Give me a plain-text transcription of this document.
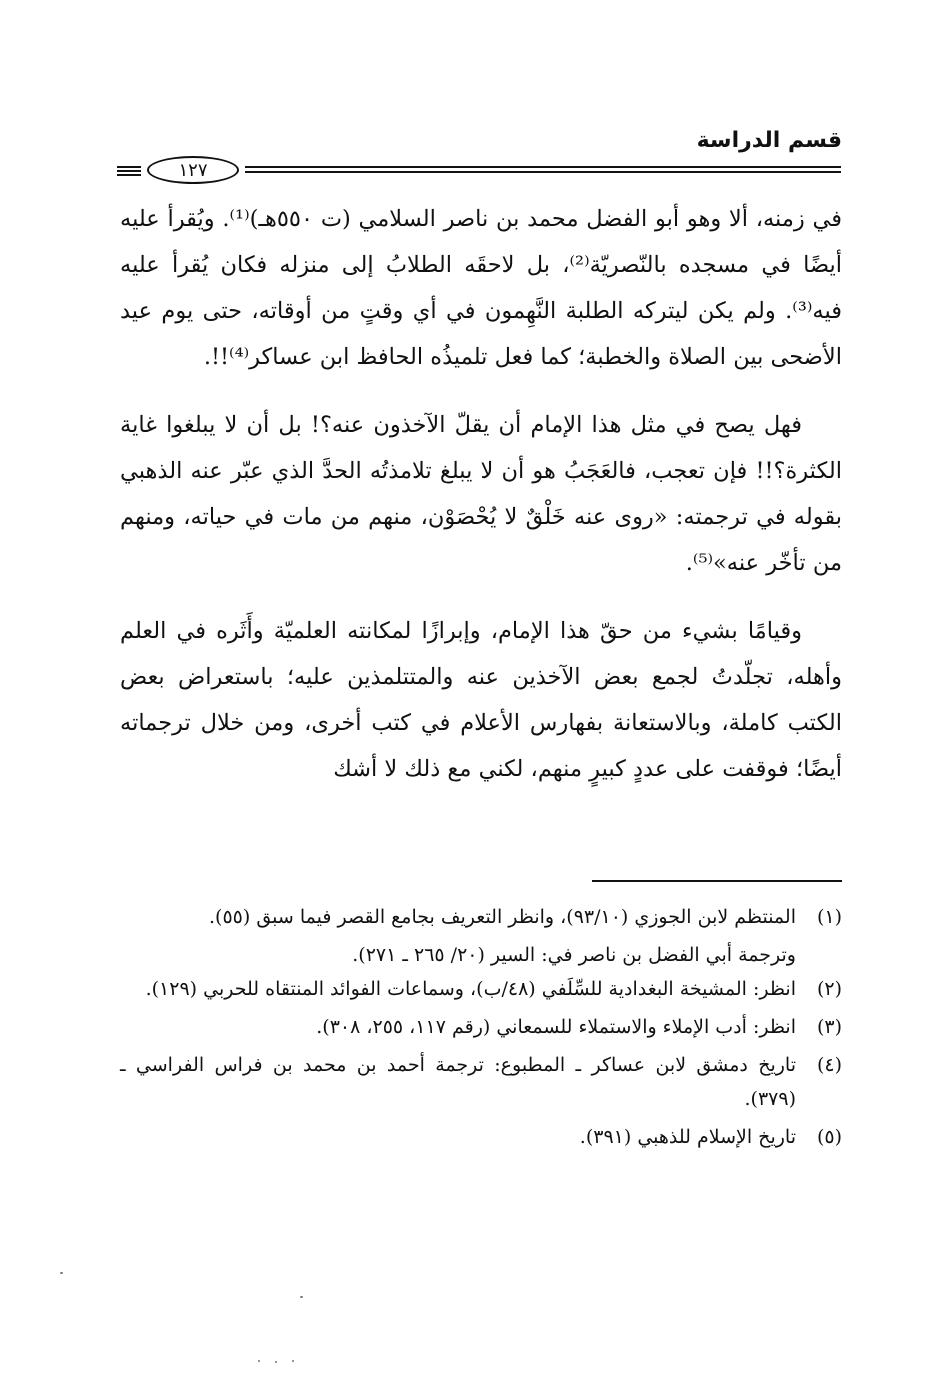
قسم الدراسة
١٢٧

في زمنه، ألا وهو أبو الفضل محمد بن ناصر السلامي (ت ٥٥٠هـ)⁽¹⁾. ويُقرأ عليه أيضًا في مسجده بالنّصريّة⁽²⁾، بل لاحقَه الطلابُ إلى منزله فكان يُقرأ عليه فيه⁽³⁾. ولم يكن ليتركه الطلبة النَّهِمون في أي وقتٍ من أوقاته، حتى يوم عيد الأضحى بين الصلاة والخطبة؛ كما فعل تلميذُه الحافظ ابن عساكر⁽⁴⁾!!.

فهل يصح في مثل هذا الإمام أن يقلّ الآخذون عنه؟! بل أن لا يبلغوا غاية الكثرة؟!! فإن تعجب، فالعَجَبُ هو أن لا يبلغ تلامذتُه الحدَّ الذي عبّر عنه الذهبي بقوله في ترجمته: «روى عنه خَلْقٌ لا يُحْصَوْن، منهم من مات في حياته، ومنهم من تأخّر عنه»⁽⁵⁾.

وقيامًا بشيء من حقّ هذا الإمام، وإبرازًا لمكانته العلميّة وأَثَره في العلم وأهله، تجلّدتُ لجمع بعض الآخذين عنه والمتتلمذين عليه؛ باستعراض بعض الكتب كاملة، وبالاستعانة بفهارس الأعلام في كتب أخرى، ومن خلال ترجماته أيضًا؛ فوقفت على عددٍ كبيرٍ منهم، لكني مع ذلك لا أشك

(١)
المنتظم لابن الجوزي (٩٣/١٠)، وانظر التعريف بجامع القصر فيما سبق (٥٥).
وترجمة أبي الفضل بن ناصر في: السير (٢٠/ ٢٦٥ ـ ٢٧١).
(٢)
انظر: المشيخة البغدادية للسِّلَفي (٤٨/ب)، وسماعات الفوائد المنتقاه للحربي (١٢٩).
(٣)
انظر: أدب الإملاء والاستملاء للسمعاني (رقم ١١٧، ٢٥٥، ٣٠٨).
(٤)
تاريخ دمشق لابن عساكر ـ المطبوع: ترجمة أحمد بن محمد بن فراس الفراسي ـ (٣٧٩).
(٥)
تاريخ الإسلام للذهبي (٣٩١).
